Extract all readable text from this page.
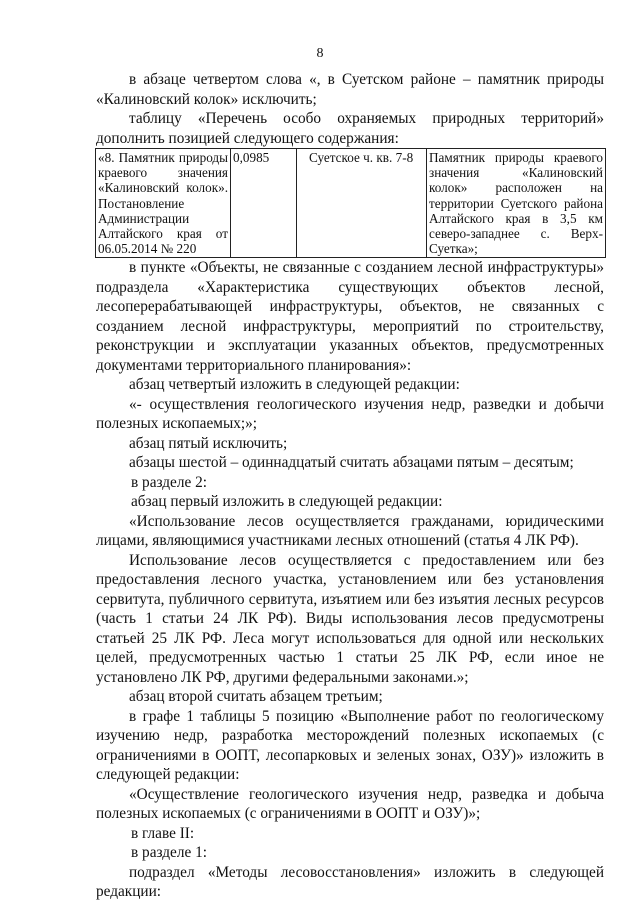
8

в абзаце четвертом слова «, в Суетском районе – памятник природы «Калиновский колок» исключить;

таблицу «Перечень особо охраняемых природных территорий» дополнить позицией следующего содержания:

«8. Памятник природы краевого значения «Калиновский колок». Постановление Администрации Алтайского края от 06.05.2014 № 220	0,0985	Суетское ч. кв. 7-8	Памятник природы краевого значения «Калиновский колок» расположен на территории Суетского района Алтайского края в 3,5 км северо-западнее с. Верх-Суетка»;

в пункте «Объекты, не связанные с созданием лесной инфраструктуры» подраздела «Характеристика существующих объектов лесной, лесоперерабатывающей инфраструктуры, объектов, не связанных с созданием лесной инфраструктуры, мероприятий по строительству, реконструкции и эксплуатации указанных объектов, предусмотренных документами территориального планирования»:

абзац четвертый изложить в следующей редакции:

«- осуществления геологического изучения недр, разведки и добычи полезных ископаемых;»;

абзац пятый исключить;

абзацы шестой – одиннадцатый считать абзацами пятым – десятым;

в разделе 2:

абзац первый изложить в следующей редакции:

«Использование лесов осуществляется гражданами, юридическими лицами, являющимися участниками лесных отношений (статья 4 ЛК РФ).

Использование лесов осуществляется с предоставлением или без предоставления лесного участка, установлением или без установления сервитута, публичного сервитута, изъятием или без изъятия лесных ресурсов (часть 1 статьи 24 ЛК РФ). Виды использования лесов предусмотрены статьей 25 ЛК РФ. Леса могут использоваться для одной или нескольких целей, предусмотренных частью 1 статьи 25 ЛК РФ, если иное не установлено ЛК РФ, другими федеральными законами.»;

абзац второй считать абзацем третьим;

в графе 1 таблицы 5 позицию «Выполнение работ по геологическому изучению недр, разработка месторождений полезных ископаемых (с ограничениями в ООПТ, лесопарковых и зеленых зонах, ОЗУ)» изложить в следующей редакции:

«Осуществление геологического изучения недр, разведка и добыча полезных ископаемых (с ограничениями в ООПТ и ОЗУ)»;

в главе II:

в разделе 1:

подраздел «Методы лесовосстановления» изложить в следующей редакции:
